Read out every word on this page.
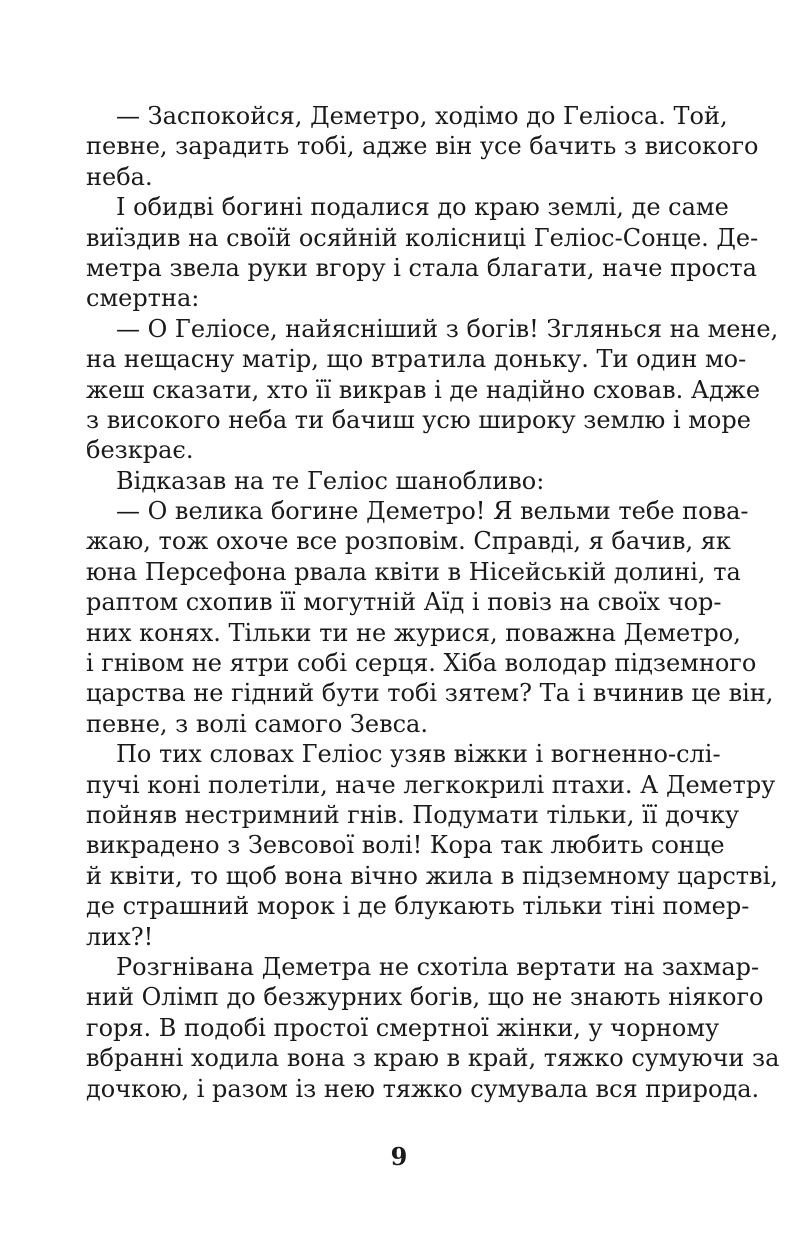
— Заспокойся, Деметро, ходімо до Геліоса. Той,
певне, зарадить тобі, адже він усе бачить з високого
неба.

І обидві богині подалися до краю землі, де саме
виїздив на своїй осяйній колісниці Геліос-Сонце. Де-
метра звела руки вгору і стала благати, наче проста
смертна:

— О Геліосе, найясніший з богів! Зглянься на мене,
на нещасну матір, що втратила доньку. Ти один мо-
жеш сказати, хто її викрав і де надійно сховав. Адже
з високого неба ти бачиш усю широку землю і море
безкрає.

Відказав на те Геліос шанобливо:

— О велика богине Деметро! Я вельми тебе пова-
жаю, тож охоче все розповім. Справді, я бачив, як
юна Персефона рвала квіти в Нісейській долині, та
раптом схопив її могутній Аїд і повіз на своїх чор-
них конях. Тільки ти не журися, поважна Деметро,
і гнівом не ятри собі серця. Хіба володар підземного
царства не гідний бути тобі зятем? Та і вчинив це він,
певне, з волі самого Зевса.

По тих словах Геліос узяв віжки і вогненно-слі-
пучі коні полетіли, наче легкокрилі птахи. А Деметру
пойняв нестримний гнів. Подумати тільки, її дочку
викрадено з Зевсової волі! Кора так любить сонце
й квіти, то щоб вона вічно жила в підземному царстві,
де страшний морок і де блукають тільки тіні помер-
лих?!

Розгнівана Деметра не схотіла вертати на захмар-
ний Олімп до безжурних богів, що не знають ніякого
горя. В подобі простої смертної жінки, у чорному
вбранні ходила вона з краю в край, тяжко сумуючи за
дочкою, і разом із нею тяжко сумувала вся природа.

9
